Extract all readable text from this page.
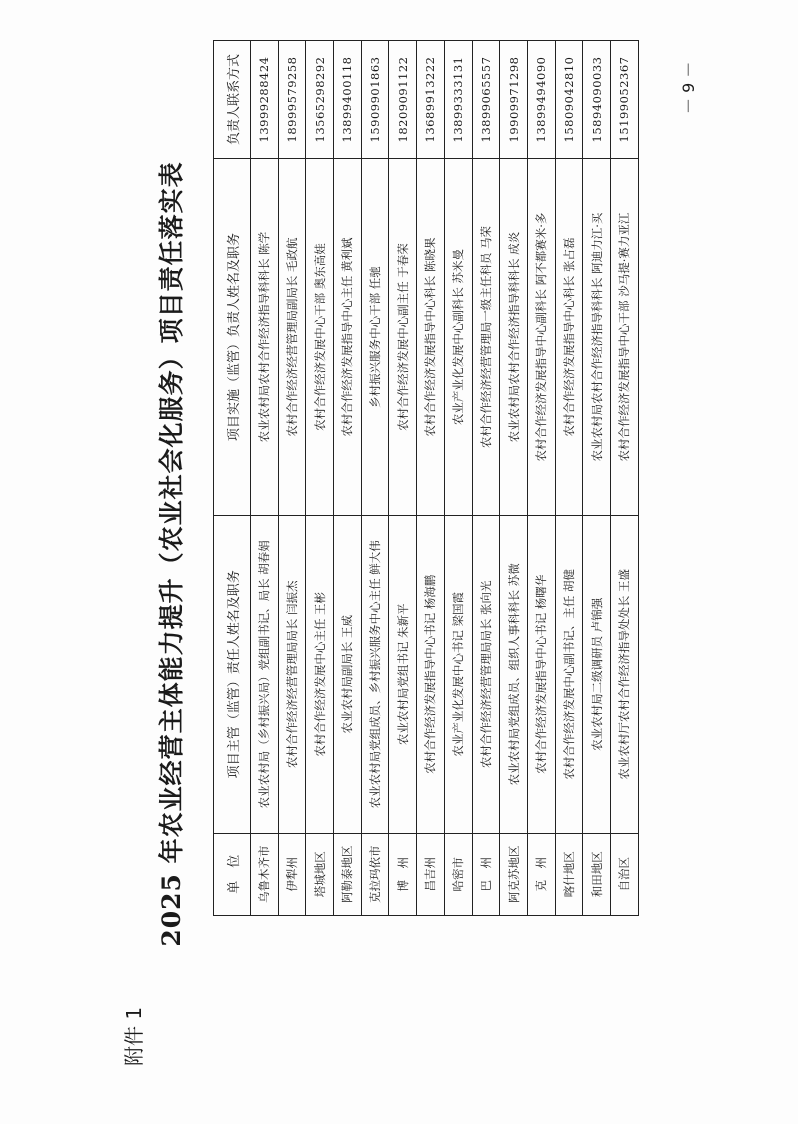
附件 1
2025 年农业经营主体能力提升（农业社会化服务）项目责任落实表	单　位	项目主管（监管）责任人姓名及职务	项目实施（监管）负责人姓名及职务	负责人联系方式
乌鲁木齐市	农业农村局（乡村振兴局）党组副书记、局长 胡春娟	农业农村局农村合作经济指导科科长 陈学	13999288424
伊犁州	农村合作经济经营管理局局长 闫振杰	农村合作经济经营管理局副局长 毛政航	18999579258
塔城地区	农村合作经济发展中心主任 王彬	农村合作经济发展中心干部 奥东高娃	13565298292
阿勒泰地区	农业农村局副局长 王威	农村合作经济发展指导中心主任 黄利斌	13899400118
克拉玛依市	农业农村局党组成员、乡村振兴服务中心主任 鲜大伟	乡村振兴服务中心干部 任驰	15909901863
博　州	农业农村局党组书记 朱新平	农村合作经济发展中心副主任 于春荣	18209091122
昌吉州	农村合作经济发展指导中心书记 杨海鹏	农村合作经济发展指导中心科长 陈晓果	13689913222
哈密市	农业产业化发展中心书记 梁国霞	农业产业化发展中心副科长 苏米曼	13899333131
巴　州	农村合作经济经营管理局局长 张向光	农村合作经济经营管理局一级主任科员 马荣	13899065557
阿克苏地区	农业农村局党组成员、组织人事科科长 苏微	农业农村局农村合作经济指导科科长 成炎	19909971298
克　州	农村合作经济发展指导中心书记 杨曙华	农村合作经济发展指导中心副科长 阿不都赛米·多	13899494090
喀什地区	农村合作经济发展中心副书记、主任 胡健	农村合作经济发展指导中心科长 张占磊	15809042810
和田地区	农业农村局二级调研员 卢锦强	农业农村局农村合作经济指导科科长 阿迪力江·买	15894090033
自治区	农业农村厅农村合作经济指导处处长 王盛	农村合作经济发展指导中心干部 沙马提·赛力亚江	15199052367	－ 9 －
